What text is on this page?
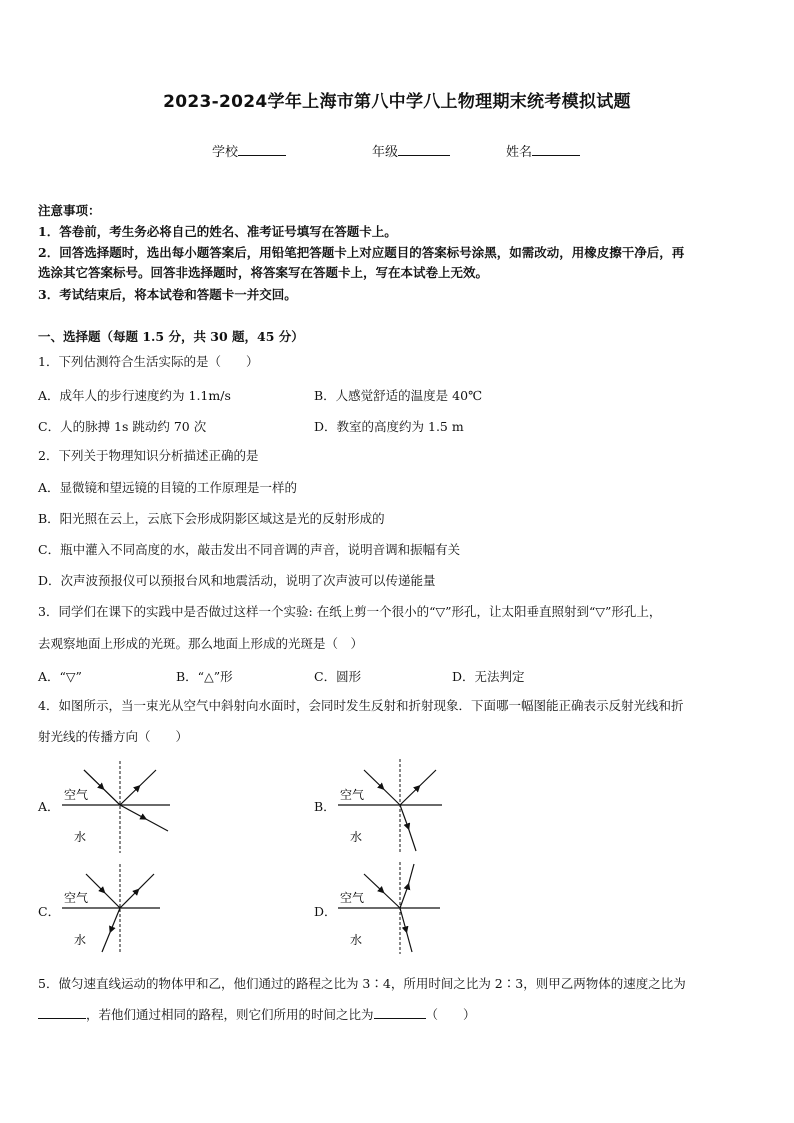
2023-2024学年上海市第八中学八上物理期末统考模拟试题
学校	年级	姓名
注意事项：
1．答卷前，考生务必将自己的姓名、准考证号填写在答题卡上。
2．回答选择题时，选出每小题答案后，用铅笔把答题卡上对应题目的答案标号涂黑，如需改动，用橡皮擦干净后，再
选涂其它答案标号。回答非选择题时，将答案写在答题卡上，写在本试卷上无效。
3．考试结束后，将本试卷和答题卡一并交回。
一、选择题（每题 1.5 分，共 30 题，45 分）
1．下列估测符合生活实际的是（　　）
A．成年人的步行速度约为 1.1m/s	B．人感觉舒适的温度是 40℃
C．人的脉搏 1s 跳动约 70 次	D．教室的高度约为 1.5 m
2．下列关于物理知识分析描述正确的是
A．显微镜和望远镜的目镜的工作原理是一样的
B．阳光照在云上，云底下会形成阴影区域这是光的反射形成的
C．瓶中灌入不同高度的水，敲击发出不同音调的声音，说明音调和振幅有关
D．次声波预报仪可以预报台风和地震活动，说明了次声波可以传递能量
3．同学们在课下的实践中是否做过这样一个实验: 在纸上剪一个很小的“▽”形孔，让太阳垂直照射到“▽”形孔上，
去观察地面上形成的光斑。那么地面上形成的光斑是（　）
A．“▽”	B．“△”形	C．圆形	D．无法判定
4．如图所示，当一束光从空气中斜射向水面时，会同时发生反射和折射现象．下面哪一幅图能正确表示反射光线和折
射光线的传播方向（　　）
A．
空气
水
B．
空气
水
C．
空气
水
D．
空气
水
5．做匀速直线运动的物体甲和乙，他们通过的路程之比为 3∶4，所用时间之比为 2∶3，则甲乙两物体的速度之比为
，若他们通过相同的路程，则它们所用的时间之比为	（　　）
